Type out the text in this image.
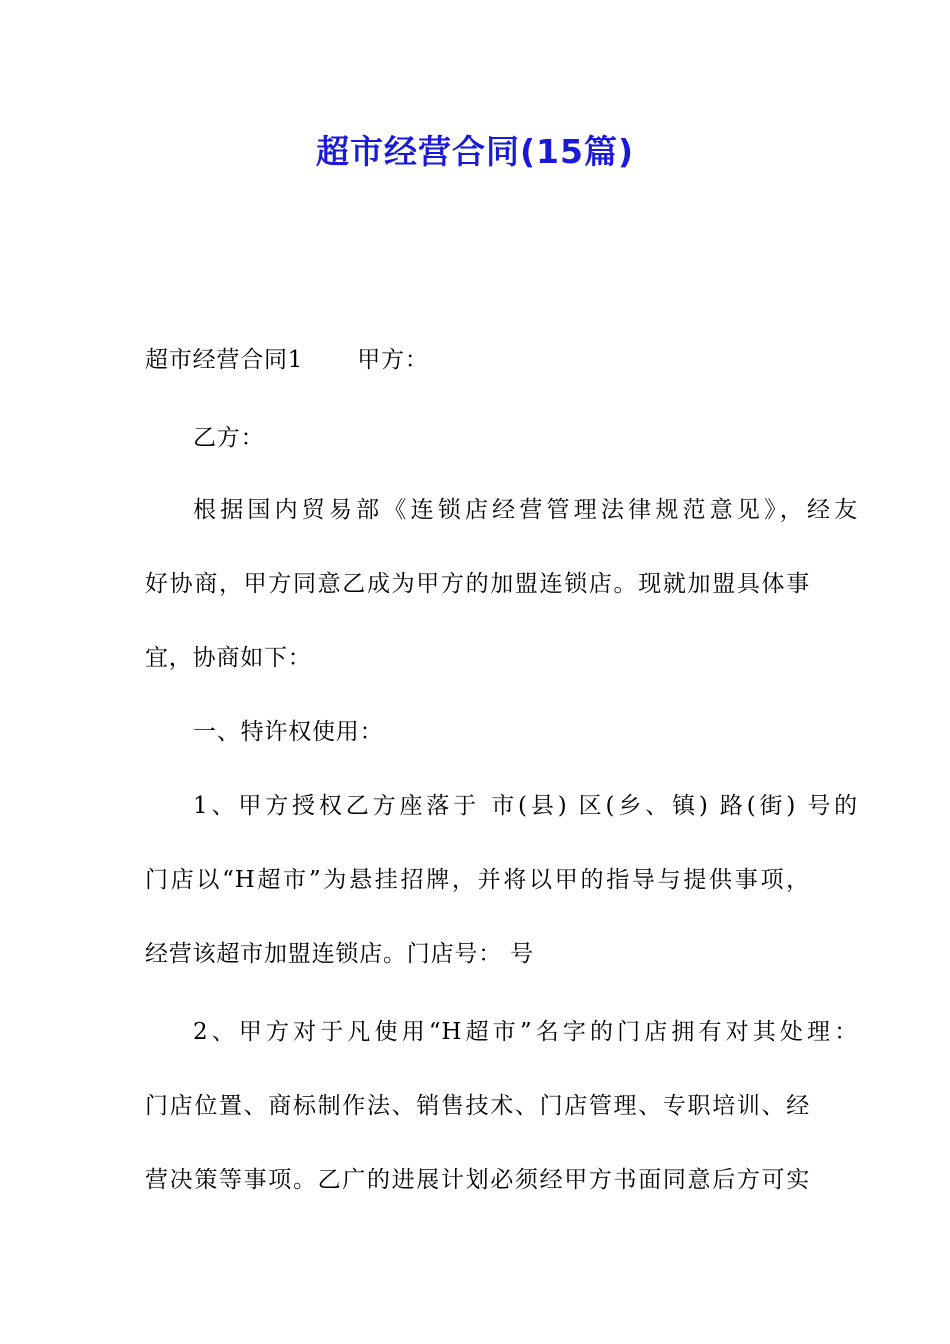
超市经营合同(15篇)
超市经营合同1 甲方：
乙方：
根据国内贸易部《连锁店经营管理法律规范意见》，经友
好协商，甲方同意乙成为甲方的加盟连锁店。现就加盟具体事
宜，协商如下：
一、特许权使用：
1、甲方授权乙方座落于 市(县) 区(乡、镇) 路(街) 号的
门店以“H超市”为悬挂招牌，并将以甲的指导与提供事项，
经营该超市加盟连锁店。门店号： 号
2、甲方对于凡使用“H超市”名字的门店拥有对其处理：
门店位置、商标制作法、销售技术、门店管理、专职培训、经
营决策等事项。乙广的进展计划必须经甲方书面同意后方可实
